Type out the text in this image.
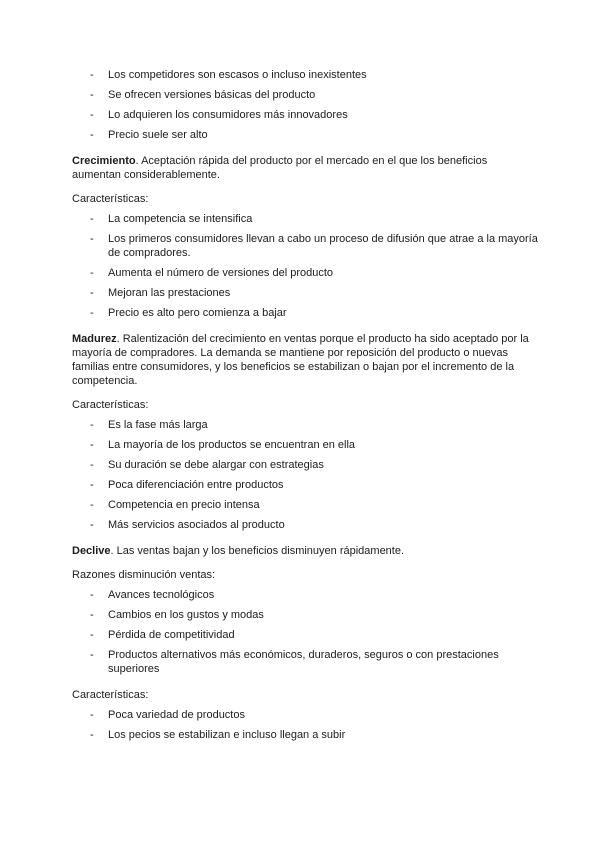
- Los competidores son escasos o incluso inexistentes
- Se ofrecen versiones básicas del producto
- Lo adquieren los consumidores más innovadores
- Precio suele ser alto

Crecimiento. Aceptación rápida del producto por el mercado en el que los beneficios aumentan considerablemente.

Características:

- La competencia se intensifica
- Los primeros consumidores llevan a cabo un proceso de difusión que atrae a la mayoría de compradores.
- Aumenta el número de versiones del producto
- Mejoran las prestaciones
- Precio es alto pero comienza a bajar

Madurez. Ralentización del crecimiento en ventas porque el producto ha sido aceptado por la mayoría de compradores. La demanda se mantiene por reposición del producto o nuevas familias entre consumidores, y los beneficios se estabilizan o bajan por el incremento de la competencia.

Características:

- Es la fase más larga
- La mayoría de los productos se encuentran en ella
- Su duración se debe alargar con estrategias
- Poca diferenciación entre productos
- Competencia en precio intensa
- Más servicios asociados al producto

Declive. Las ventas bajan y los beneficios disminuyen rápidamente.

Razones disminución ventas:

- Avances tecnológicos
- Cambios en los gustos y modas
- Pérdida de competitividad
- Productos alternativos más económicos, duraderos, seguros o con prestaciones superiores

Características:

- Poca variedad de productos
- Los pecios se estabilizan e incluso llegan a subir
